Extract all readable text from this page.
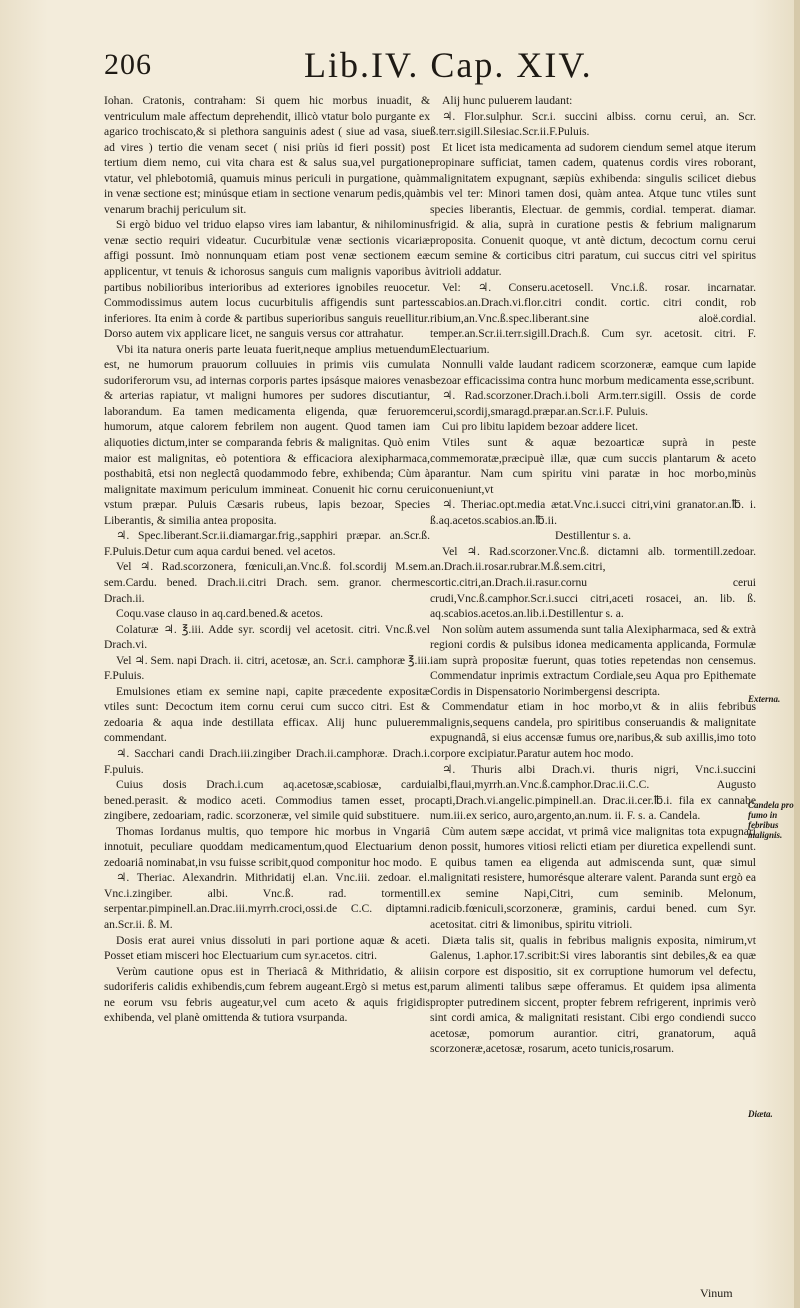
206	Lib.IV. Cap. XIV.

Iohan. Cratonis, contraham: Si quem hic morbus inuadit, & ventriculum male affectum deprehendit, illicò vtatur bolo purgante ex agarico trochiscato,& si plethora sanguinis adest ( siue ad vasa, siue ad vires ) tertio die venam secet ( nisi priùs id fieri possit) post tertium diem nemo, cui vita chara est & salus sua,vel purgatione vtatur, vel phlebotomiâ, quamuis minus periculi in purgatione, quàm in venæ sectione est; minúsque etiam in sectione venarum pedis,quàm venarum brachij periculum sit.

Si ergò biduo vel triduo elapso vires iam labantur, & nihilominus venæ sectio requiri videatur. Cucurbitulæ venæ sectionis vicariæ affigi possunt. Imò nonnunquam etiam post venæ sectionem eæ applicentur, vt tenuis & ichorosus sanguis cum malignis vaporibus à partibus nobilioribus interioribus ad exteriores ignobiles reuocetur. Commodissimus autem locus cucurbitulis affigendis sunt partes inferiores. Ita enim à corde & partibus superioribus sanguis reuellitur. Dorso autem vix applicare licet, ne sanguis versus cor attrahatur.

Vbi ita natura oneris parte leuata fuerit,neque amplius metuendum est, ne humorum prauorum colluuies in primis viis cumulata sudoriferorum vsu, ad internas corporis partes ipsásque maiores venas & arterias rapiatur, vt maligni humores per sudores discutiantur, laborandum. Ea tamen medicamenta eligenda, quæ feruorem humorum, atque calorem febrilem non augent. Quod tamen iam aliquoties dictum,inter se comparanda febris & malignitas. Quò enim maior est malignitas, eò potentiora & efficaciora alexipharmaca, posthabitâ, etsi non neglectâ quodammodo febre, exhibenda; Cùm à malignitate maximum periculum immineat. Conuenit hic cornu cerui vstum præpar. Puluis Cæsaris rubeus, lapis bezoar, Species Liberantis, & similia antea proposita.

♃. Spec.liberant.Scr.ii.diamargar.frig.,sapphiri præpar. an.Scr.ß. F.Puluis.Detur cum aqua cardui bened. vel acetos.

Vel ♃. Rad.scorzonera, fœniculi,an.Vnc.ß. fol.scordij M.sem. sem.Cardu. bened. Drach.ii.citri Drach. sem. granor. chermes Drach.ii.

Coqu.vase clauso in aq.card.bened.& acetos.

Colaturæ ♃. ℥.iii. Adde syr. scordij vel acetosit. citri. Vnc.ß.vel Drach.vi.

Vel ♃. Sem. napi Drach. ii. citri, acetosæ, an. Scr.i. camphoræ ℥.iii. F.Puluis.

Emulsiones etiam ex semine napi, capite præcedente expositæ vtiles sunt: Decoctum item cornu cerui cum succo citri. Est & zedoaria & aqua inde destillata efficax. Alij hunc puluerem commendant.

♃. Sacchari candi Drach.iii.zingiber Drach.ii.camphoræ. Drach.i. F.puluis.

Cuius dosis Drach.i.cum aq.acetosæ,scabiosæ, cardui bened.perasit. & modico aceti. Commodius tamen esset, pro zingibere, zedoariam, radic. scorzoneræ, vel simile quid substituere.

Thomas Iordanus multis, quo tempore hic morbus in Vngariâ innotuit, peculiare quoddam medicamentum,quod Electuarium de zedoariâ nominabat,in vsu fuisse scribit,quod componitur hoc modo.

♃. Theriac. Alexandrin. Mithridatij el.an. Vnc.iii. zedoar. el. Vnc.i.zingiber. albi. Vnc.ß. rad. tormentill. serpentar.pimpinell.an.Drac.iii.myrrh.croci,ossi.de C.C. diptamni. an.Scr.ii. ß. M.

Dosis erat aurei vnius dissoluti in pari portione aquæ & aceti. Posset etiam misceri hoc Electuarium cum syr.acetos. citri.

Verùm cautione opus est in Theriacâ & Mithridatio, & aliis sudoriferis calidis exhibendis,cum febrem augeant.Ergò si metus est, ne eorum vsu febris augeatur,vel cum aceto & aquis frigidis exhibenda, vel planè omittenda & tutiora vsurpanda.

Alij hunc puluerem laudant:

♃. Flor.sulphur. Scr.i. succini albiss. cornu ceruì, an. Scr. ß.terr.sigill.Silesiac.Scr.ii.F.Puluis.

Et licet ista medicamenta ad sudorem ciendum semel atque iterum propinare sufficiat, tamen cadem, quatenus cordis vires roborant, malignitatem expugnant, sæpiùs exhibenda: singulis scilicet diebus bis vel ter: Minori tamen dosi, quàm antea. Atque tunc vtiles sunt species liberantis, Electuar. de gemmis, cordial. temperat. diamar. frigid. & alia, suprà in curatione pestis & febrium malignarum proposita. Conuenit quoque, vt antè dictum, decoctum cornu cerui cum semine & corticibus citri paratum, cui succus citri vel spiritus vitrioli addatur.

Vel: ♃. Conseru.acetosell. Vnc.i.ß. rosar. incarnatar. scabios.an.Drach.vi.flor.citri condit. cortic. citri condit, rob ribium,an.Vnc.ß.spec.liberant.sine aloë.cordial. temper.an.Scr.ii.terr.sigill.Drach.ß. Cum syr. acetosit. citri. F. Electuarium.

Nonnulli valde laudant radicem scorzoneræ, eamque cum lapide bezoar efficacissima contra hunc morbum medicamenta esse,scribunt.

♃. Rad.scorzoner.Drach.i.boli Arm.terr.sigill. Ossis de corde cerui,scordij,smaragd.præpar.an.Scr.i.F. Puluis.

Cui pro libitu lapidem bezoar addere licet.

Vtiles sunt & aquæ bezoarticæ suprà in peste commemoratæ,præcipuè illæ, quæ cum succis plantarum & aceto parantur. Nam cum spiritu vini paratæ in hoc morbo,minùs conueniunt,vt

♃. Theriac.opt.media ætat.Vnc.i.succi citri,vini granator.an.℔. i. ß.aq.acetos.scabios.an.℔.ii.

Destillentur s. a.

Vel ♃. Rad.scorzoner.Vnc.ß. dictamni alb. tormentill.zedoar. an.Drach.ii.rosar.rubrar.M.ß.sem.citri, cortic.citri,an.Drach.ii.rasur.cornu cerui crudi,Vnc.ß.camphor.Scr.i.succi citri,aceti rosacei, an. lib. ß. aq.scabios.acetos.an.lib.i.Destillentur s. a.

Non solùm autem assumenda sunt talia Alexipharmaca, sed & extrà regioni cordis & pulsibus idonea medicamenta applicanda, Formulæ iam suprà propositæ fuerunt, quas toties repetendas non censemus. Commendatur inprimis extractum Cordiale,seu Aqua pro Epithemate Cordis in Dispensatorio Norimbergensi descripta.

Commendatur etiam in hoc morbo,vt & in aliis febribus malignis,sequens candela, pro spiritibus conseruandis & malignitate expugnandâ, si eius accensæ fumus ore,naribus,& sub axillis,imo toto corpore excipiatur.Paratur autem hoc modo.

♃. Thuris albi Drach.vi. thuris nigri, Vnc.i.succini albi,flaui,myrrh.an.Vnc.ß.camphor.Drac.ii.C.C. Augusto capti,Drach.vi.angelic.pimpinell.an. Drac.ii.cer.℔.i. fila ex cannabe num.iii.ex serico, auro,argento,an.num. ii. F. s. a. Candela.

Cùm autem sæpe accidat, vt primâ vice malignitas tota expugnari non possit, humores vitiosi relicti etiam per diuretica expellendi sunt. E quibus tamen ea eligenda aut admiscenda sunt, quæ simul malignitati resistere, humorésque alterare valent. Paranda sunt ergò ea ex semine Napi,Citri, cum seminib. Melonum, radicib.fœniculi,scorzoneræ, graminis, cardui bened. cum Syr. acetositat. citri & limonibus, spiritu vitrioli.

Diæta talis sit, qualis in febribus malignis exposita, nimirum,vt Galenus, 1.aphor.17.scribit:Si vires laborantis sint debiles,& ea quæ in corpore est dispositio, sit ex corruptione humorum vel defectu, parum alimenti talibus sæpe offeramus. Et quidem ipsa alimenta propter putredinem siccent, propter febrem refrigerent, inprimis verò sint cordi amica, & malignitati resistant. Cibi ergo condiendi succo acetosæ, pomorum aurantior. citri, granatorum, aquâ scorzoneræ,acetosæ, rosarum, aceto tunicis,rosarum.

Externa.
Candela pro fumo in febribus malignis.
Diæta.
Vinum
